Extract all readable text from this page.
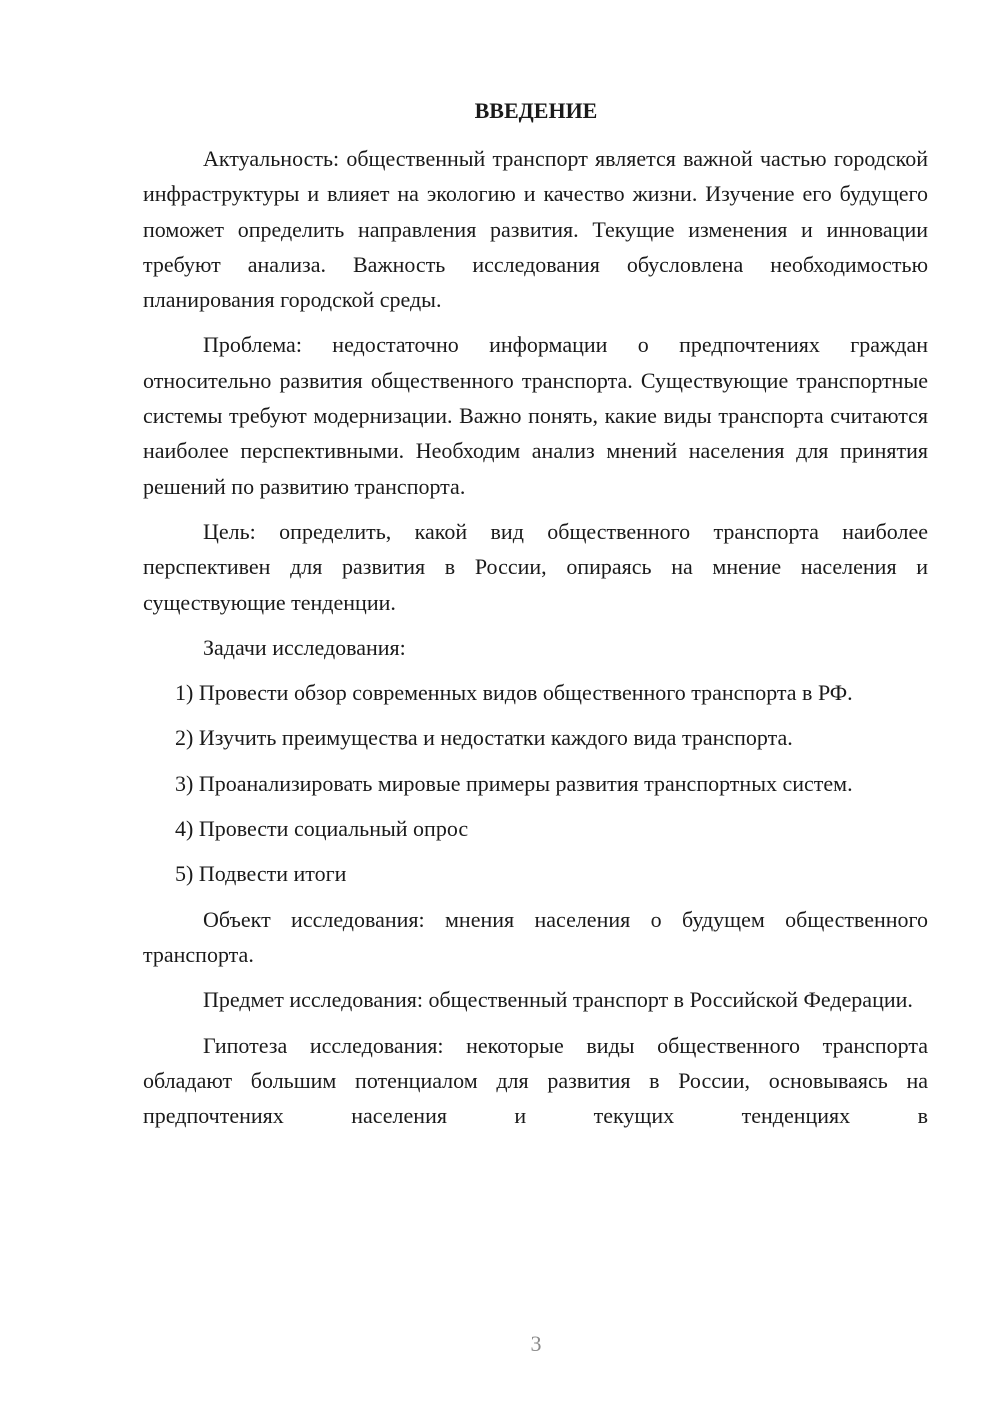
ВВЕДЕНИЕ

Актуальность: общественный транспорт является важной частью городской инфраструктуры и влияет на экологию и качество жизни. Изучение его будущего поможет определить направления развития. Текущие изменения и инновации требуют анализа. Важность исследования обусловлена необходимостью планирования городской среды.

Проблема: недостаточно информации о предпочтениях граждан относительно развития общественного транспорта. Существующие транспортные системы требуют модернизации. Важно понять, какие виды транспорта считаются наиболее перспективными. Необходим анализ мнений населения для принятия решений по развитию транспорта.

Цель: определить, какой вид общественного транспорта наиболее перспективен для развития в России, опираясь на мнение населения и существующие тенденции.

Задачи исследования:

1) Провести обзор современных видов общественного транспорта в РФ.

2) Изучить преимущества и недостатки каждого вида транспорта.

3) Проанализировать мировые примеры развития транспортных систем.

4) Провести социальный опрос

5) Подвести итоги

Объект исследования: мнения населения о будущем общественного транспорта.

Предмет исследования: общественный транспорт в Российской Федерации.

Гипотеза исследования: некоторые виды общественного транспорта обладают большим потенциалом для развития в России, основываясь на предпочтениях населения и текущих тенденциях в

3
